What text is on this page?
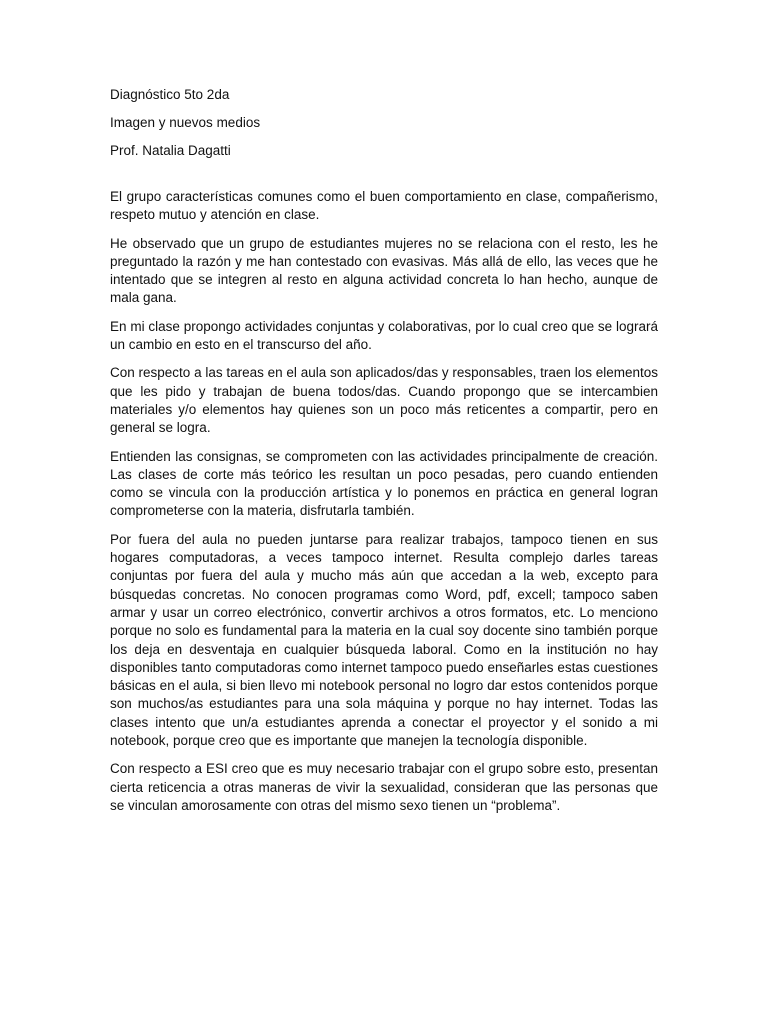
Diagnóstico 5to 2da

Imagen y nuevos medios

Prof. Natalia Dagatti

El grupo características comunes como el buen comportamiento en clase, compañerismo, respeto mutuo y atención en clase.

He observado que un grupo de estudiantes mujeres no se relaciona con el resto, les he preguntado la razón y me han contestado con evasivas. Más allá de ello, las veces que he intentado que se integren al resto en alguna actividad concreta lo han hecho, aunque de mala gana.

En mi clase propongo actividades conjuntas y colaborativas, por lo cual creo que se logrará un cambio en esto en el transcurso del año.

Con respecto a las tareas en el aula son aplicados/das y responsables, traen los elementos que les pido y trabajan de buena todos/das. Cuando propongo que se intercambien materiales y/o elementos hay quienes son un poco más reticentes a compartir, pero en general se logra.

Entienden las consignas, se comprometen con las actividades principalmente de creación. Las clases de corte más teórico les resultan un poco pesadas, pero cuando entienden como se vincula con la producción artística y lo ponemos en práctica en general logran comprometerse con la materia, disfrutarla también.

Por fuera del aula no pueden juntarse para realizar trabajos, tampoco tienen en sus hogares computadoras, a veces tampoco internet. Resulta complejo darles tareas conjuntas por fuera del aula y mucho más aún que accedan a la web, excepto para búsquedas concretas. No conocen programas como Word, pdf, excell; tampoco saben armar y usar un correo electrónico, convertir archivos a otros formatos, etc. Lo menciono porque no solo es fundamental para la materia en la cual soy docente sino también porque los deja en desventaja en cualquier búsqueda laboral. Como en la institución no hay disponibles tanto computadoras como internet tampoco puedo enseñarles estas cuestiones básicas en el aula, si bien llevo mi notebook personal no logro dar estos contenidos porque son muchos/as estudiantes para una sola máquina y porque no hay internet. Todas las clases intento que un/a estudiantes aprenda a conectar el proyector y el sonido a mi notebook, porque creo que es importante que manejen la tecnología disponible.

Con respecto a ESI creo que es muy necesario trabajar con el grupo sobre esto, presentan cierta reticencia a otras maneras de vivir la sexualidad, consideran que las personas que se vinculan amorosamente con otras del mismo sexo tienen un “problema”.
